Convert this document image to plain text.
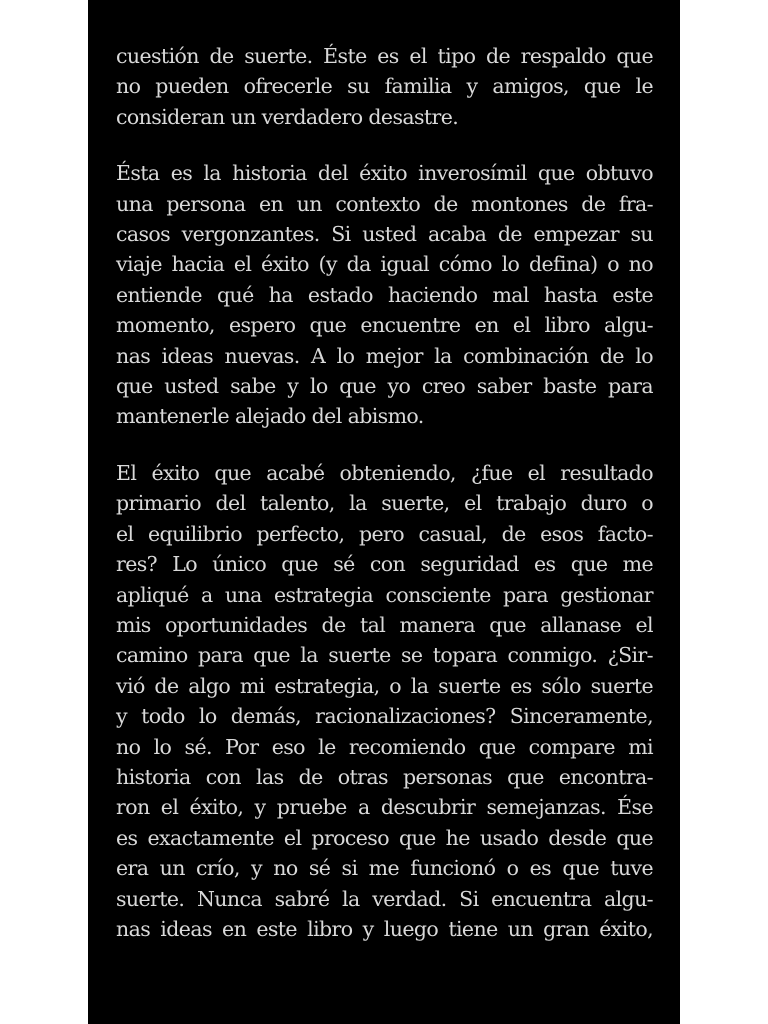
cuestión de suerte. Éste es el tipo de respaldo que
no pueden ofrecerle su familia y amigos, que le
consideran un verdadero desastre.

Ésta es la historia del éxito inverosímil que obtuvo
una persona en un contexto de montones de fra-
casos vergonzantes. Si usted acaba de empezar su
viaje hacia el éxito (y da igual cómo lo defina) o no
entiende qué ha estado haciendo mal hasta este
momento, espero que encuentre en el libro algu-
nas ideas nuevas. A lo mejor la combinación de lo
que usted sabe y lo que yo creo saber baste para
mantenerle alejado del abismo.

El éxito que acabé obteniendo, ¿fue el resultado
primario del talento, la suerte, el trabajo duro o
el equilibrio perfecto, pero casual, de esos facto-
res? Lo único que sé con seguridad es que me
apliqué a una estrategia consciente para gestionar
mis oportunidades de tal manera que allanase el
camino para que la suerte se topara conmigo. ¿Sir-
vió de algo mi estrategia, o la suerte es sólo suerte
y todo lo demás, racionalizaciones? Sinceramente,
no lo sé. Por eso le recomiendo que compare mi
historia con las de otras personas que encontra-
ron el éxito, y pruebe a descubrir semejanzas. Ése
es exactamente el proceso que he usado desde que
era un crío, y no sé si me funcionó o es que tuve
suerte. Nunca sabré la verdad. Si encuentra algu-
nas ideas en este libro y luego tiene un gran éxito,
